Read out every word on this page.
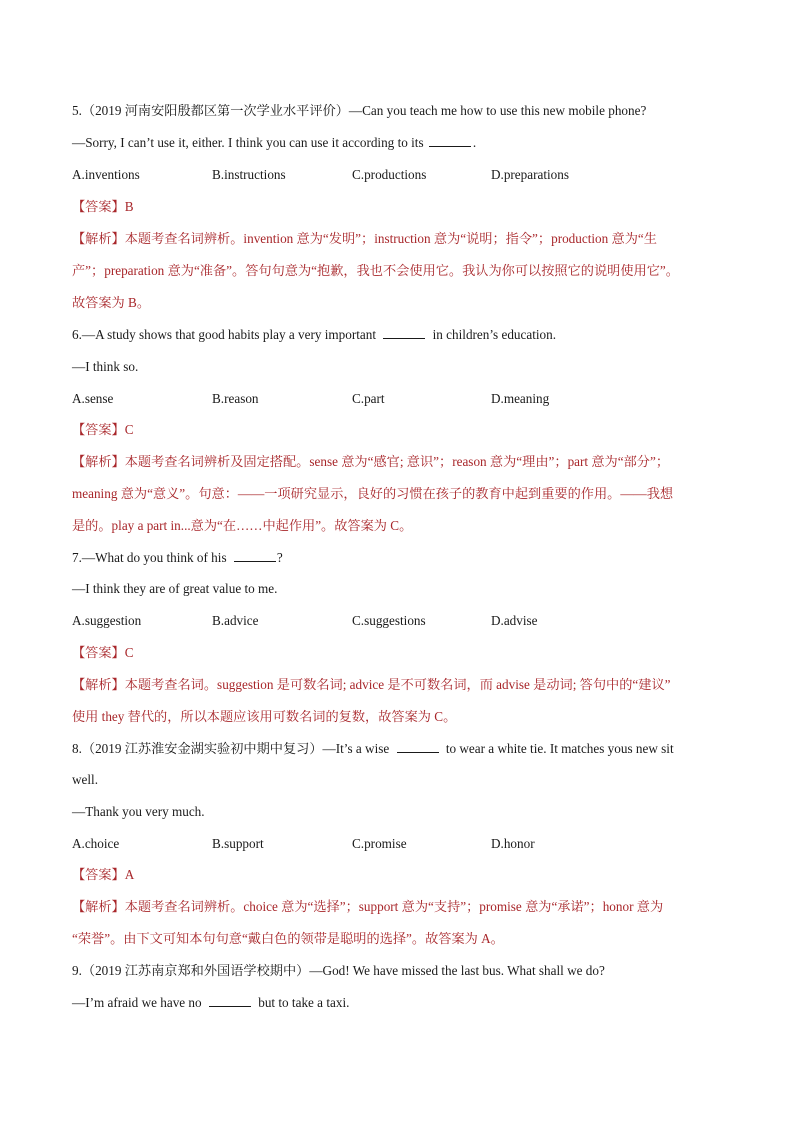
5.（2019 河南安阳殷都区第一次学业水平评价）—Can you teach me how to use this new mobile phone?
—Sorry, I can’t use it, either. I think you can use it according to its	.
A.inventions	B.instructions	C.productions	D.preparations
【答案】B
【解析】本题考查名词辨析。invention 意为“发明”；instruction 意为“说明；指令”；production 意为“生
产”；preparation 意为“准备”。答句句意为“抱歉，我也不会使用它。我认为你可以按照它的说明使用它”。
故答案为 B。
6.—A study shows that good habits play a very important	in children’s education.
—I think so.
A.sense	B.reason	C.part	D.meaning
【答案】C
【解析】本题考查名词辨析及固定搭配。sense 意为“感官; 意识”；reason 意为“理由”；part 意为“部分”；
meaning 意为“意义”。句意：——一项研究显示，良好的习惯在孩子的教育中起到重要的作用。——我想
是的。play a part in...意为“在……中起作用”。故答案为 C。
7.—What do you think of his	?
—I think they are of great value to me.
A.suggestion	B.advice	C.suggestions	D.advise
【答案】C
【解析】本题考查名词。suggestion 是可数名词; advice 是不可数名词，而 advise 是动词; 答句中的“建议”
使用 they 替代的，所以本题应该用可数名词的复数，故答案为 C。
8.（2019 江苏淮安金湖实验初中期中复习）—It’s a wise	to wear a white tie. It matches yous new sit
well.
—Thank you very much.
A.choice	B.support	C.promise	D.honor
【答案】A
【解析】本题考查名词辨析。choice 意为“选择”；support 意为“支持”；promise 意为“承诺”；honor 意为
“荣誉”。由下文可知本句句意“戴白色的领带是聪明的选择”。故答案为 A。
9.（2019 江苏南京郑和外国语学校期中）—God! We have missed the last bus. What shall we do?
—I’m afraid we have no	but to take a taxi.
